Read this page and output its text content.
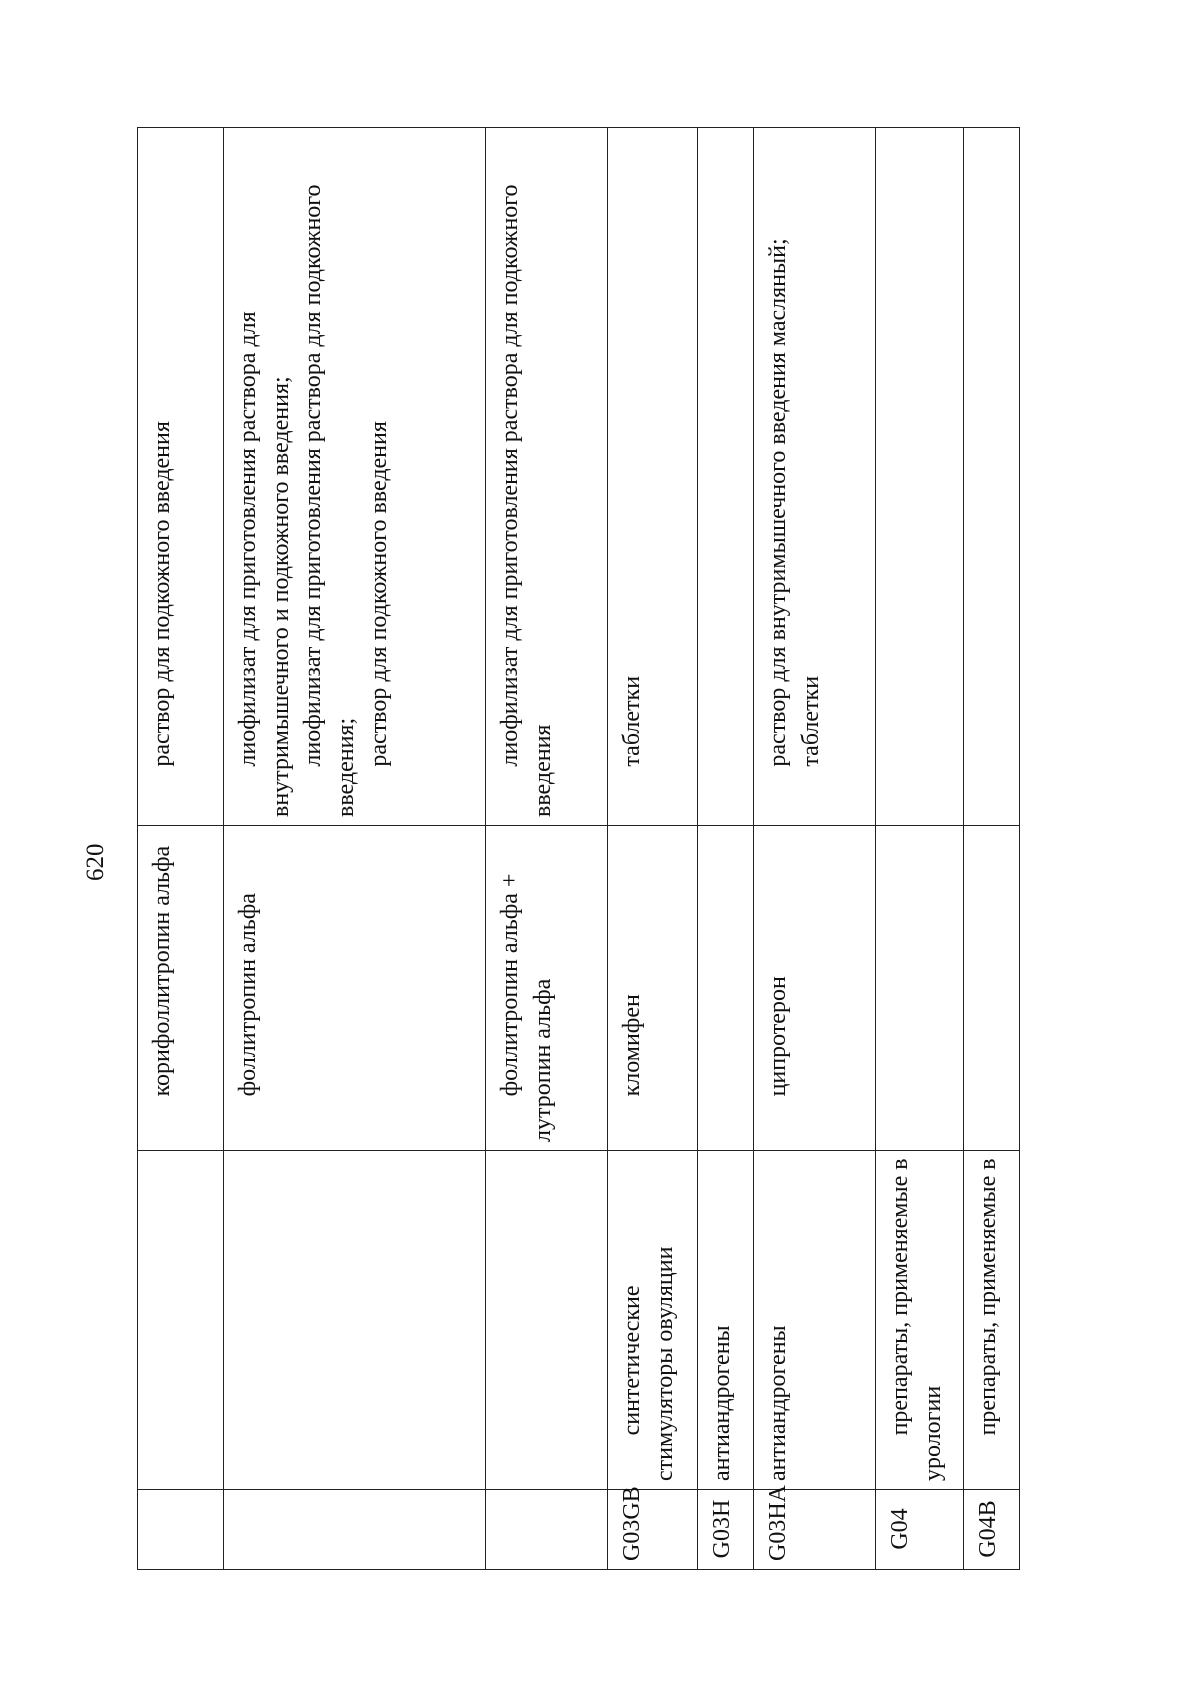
620
		корифоллитропин альфа	раствор для подкожного введения

		фоллитропин альфа	лиофилизат для приготовления раствора для внутримышечного и подкожного введения; лиофилизат для приготовления раствора для подкожного введения;
раствор для подкожного введения

		фоллитропин альфа + лутропин альфа	лиофилизат для приготовления раствора для подкожного введения

G03GB	синтетические стимуляторы овуляции	кломифен	таблетки

G03H	антиандрогены		
G03HA	антиандрогены	ципротерон	раствор для внутримышечного введения масляный; таблетки

G04	препараты, применяемые в урологии		
G04B	препараты, применяемые в		
